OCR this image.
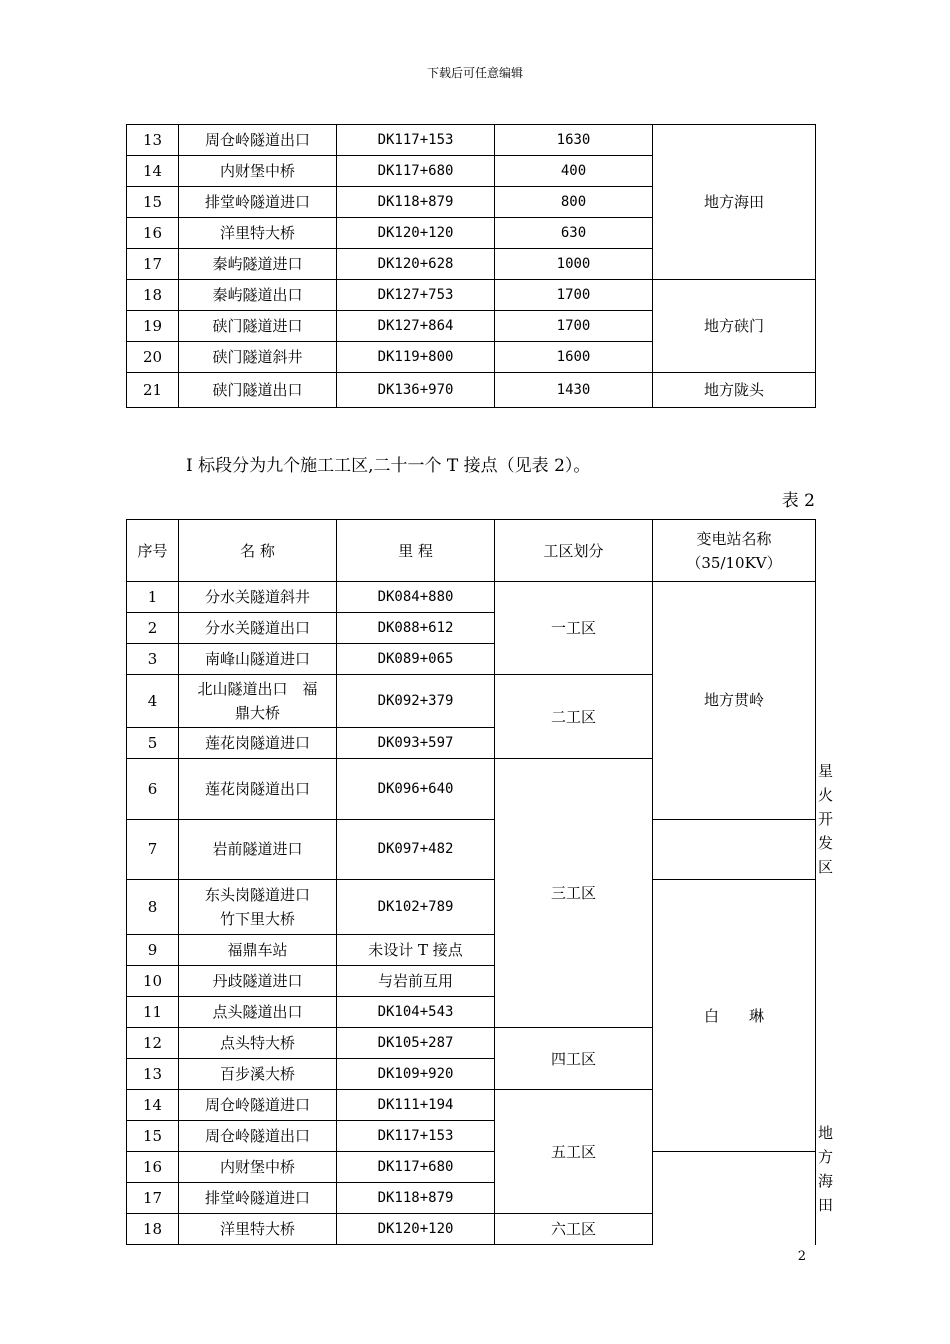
下载后可任意编辑
13	周仓岭隧道出口	DK117+153	1630	地方海田
14	内财堡中桥	DK117+680	400	
15	排堂岭隧道进口	DK118+879	800	
16	洋里特大桥	DK120+120	630	
17	秦屿隧道进口	DK120+628	1000	
18	秦屿隧道出口	DK127+753	1700	地方硖门
19	硖门隧道进口	DK127+864	1700	
20	硖门隧道斜井	DK119+800	1600	
21	硖门隧道出口	DK136+970	1430	地方陇头
Ⅰ 标段分为九个施工工区,二十一个 T 接点（见表 2）。
表 2
序号	名 称	里 程	工区划分	变电站名称
（35/10KV）	

1	分水关隧道斜井	DK084+880	一工区	地方贯岭	
2	分水关隧道出口	DK088+612			
3	南峰山隧道进口	DK089+065			
4	北山隧道出口　福
鼎大桥	DK092+379	二工区		
5	莲花岗隧道进口	DK093+597			
6	莲花岗隧道出口	DK096+640	三工区		星火开发区
7	岩前隧道进口	DK097+482			
8	东头岗隧道进口
竹下里大桥	DK102+789		白　　琳	
9	福鼎车站	未设计 T 接点			
10	丹歧隧道进口	与岩前互用			
11	点头隧道出口	DK104+543			
12	点头特大桥	DK105+287	四工区		
13	百步溪大桥	DK109+920			
14	周仓岭隧道进口	DK111+194	五工区		
15	周仓岭隧道出口	DK117+153			地方海田
16	内财堡中桥	DK117+680			
17	排堂岭隧道进口	DK118+879			
18	洋里特大桥	DK120+120	六工区		
2
